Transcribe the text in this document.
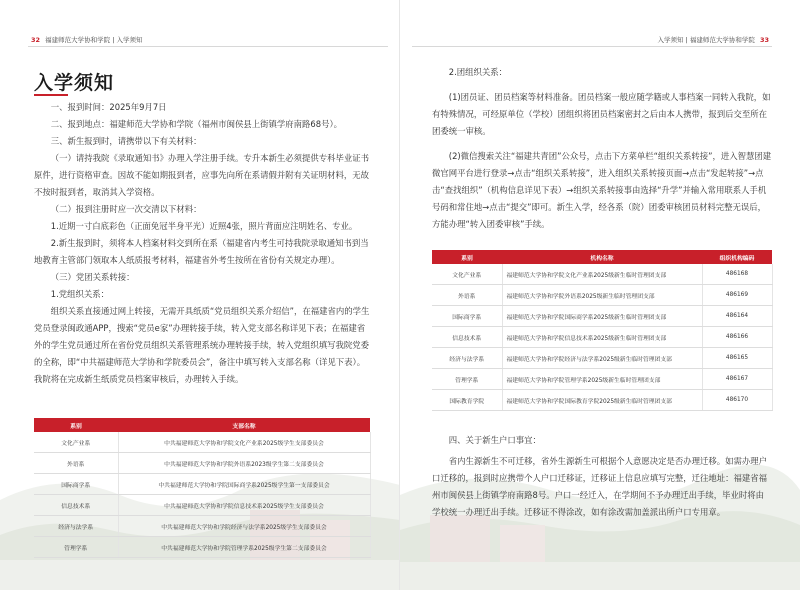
32 福建师范大学协和学院 | 入学须知
入学须知

一、报到时间：2025年9月7日

二、报到地点：福建师范大学协和学院（福州市闽侯县上街镇学府南路68号）。

三、新生报到时，请携带以下有关材料：

（一）请持我院《录取通知书》办理入学注册手续。专升本新生必须提供专科毕业证书原件，进行资格审查。因故不能如期报到者，应事先向所在系请假并附有关证明材料，无故不按时报到者，取消其入学资格。

（二）报到注册时应一次交清以下材料：

1.近期一寸白底彩色（正面免冠半身平光）近照4张，照片背面应注明姓名、专业。

2.新生报到时，须将本人档案材料交到所在系（福建省内考生可持我院录取通知书到当地教育主管部门领取本人纸质报考材料，福建省外考生按所在省份有关规定办理）。

（三）党团关系转接：

1.党组织关系：

组织关系直接通过网上转接，无需开具纸质“党员组织关系介绍信”，在福建省内的学生党员登录闽政通APP，搜索“党员e家”办理转接手续，转入党支部名称详见下表；在福建省外的学生党员通过所在省份党员组织关系管理系统办理转接手续，转入党组织填写我院党委的全称，即“中共福建师范大学协和学院委员会”，备注中填写转入支部名称（详见下表）。我院将在完成新生纸质党员档案审核后，办理转入手续。

系别	支部名称
文化产业系	中共福建师范大学协和学院文化产业系2025级学生支部委员会
外语系	中共福建师范大学协和学院外语系2023级学生第二支部委员会
国际商学系	中共福建师范大学协和学院国际商学系2025级学生第一支部委员会
信息技术系	中共福建师范大学协和学院信息技术系2025级学生支部委员会
经济与法学系	中共福建师范大学协和学院经济与法学系2025级学生支部委员会
管理学系	中共福建师范大学协和学院管理学系2025级学生第二支部委员会
入学须知 | 福建师范大学协和学院 33

2.团组织关系：

(1)团员证、团员档案等材料准备。团员档案一般应随学籍或人事档案一同转入我院，如有特殊情况，可经原单位（学校）团组织将团员档案密封之后由本人携带，报到后交至所在团委统一审核。

(2)微信搜索关注“福建共青团”公众号，点击下方菜单栏“组织关系转接”，进入智慧团建微官网平台进行登录→点击“组织关系转接”，进入组织关系转接页面→点击“发起转接”→点击“查找组织”（机构信息详见下表）→组织关系转接事由选择“升学”并输入常用联系人手机号码和常住地→点击“提交”即可。新生入学，经各系（院）团委审核团员材料完整无误后，方能办理“转入团委审核”手续。

系别	机构名称	组织机构编码
文化产业系	福建师范大学协和学院文化产业系2025级新生临时管理团支部	486168
外语系	福建师范大学协和学院外语系2025级新生临时管理团支部	486169
国际商学系	福建师范大学协和学院国际商学系2025级新生临时管理团支部	486164
信息技术系	福建师范大学协和学院信息技术系2025级新生临时管理团支部	486166
经济与法学系	福建师范大学协和学院经济与法学系2025级新生临时管理团支部	486165
管理学系	福建师范大学协和学院管理学系2025级新生临时管理团支部	486167
国际教育学院	福建师范大学协和学院国际教育学院2025级新生临时管理团支部	486170

四、关于新生户口事宜：

省内生源新生不可迁移，省外生源新生可根据个人意愿决定是否办理迁移。如需办理户口迁移的，报到时应携带个人户口迁移证，迁移证上信息应填写完整，迁往地址：福建省福州市闽侯县上街镇学府南路8号。户口一经迁入，在学期间不予办理迁出手续，毕业时将由学校统一办理迁出手续。迁移证不得涂改，如有涂改需加盖派出所户口专用章。
